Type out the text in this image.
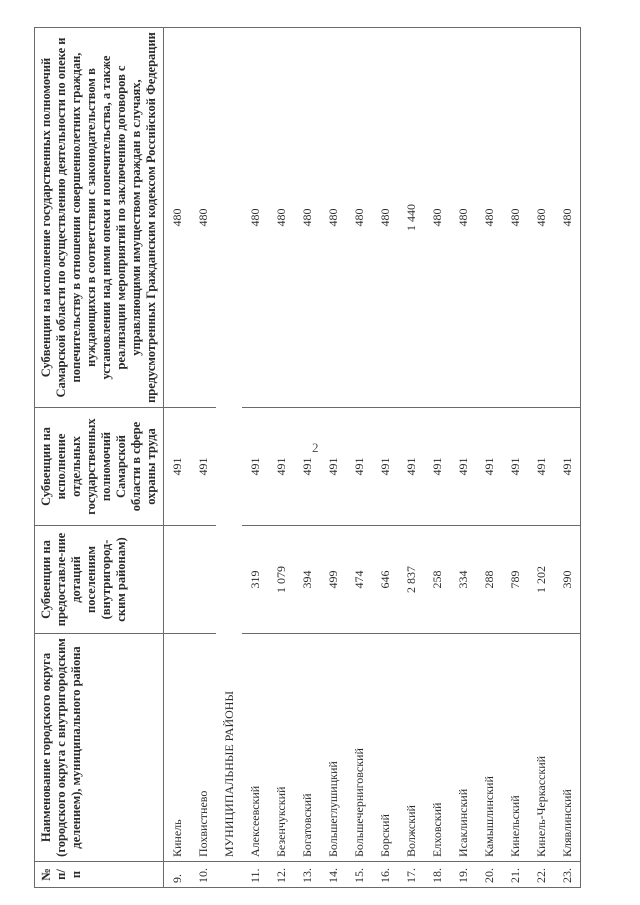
2
№ п/п	Наименование городского округа (городского округа с внутригородским делением), муниципального района	Субвенции на предоставле-ние дотаций поселениям (внутригород-ским районам)	Субвенции на исполнение отдельных государственных полномочий Самарской области в сфере охраны труда	Субвенции на исполнение государственных полномочий Самарской области по осуществлению деятельности по опеке и попечительству в отношении совершеннолетних граждан, нуждающихся в соответствии с законодательством в установлении над ними опеки и попечительства, а также реализации мероприятий по заключению договоров с управляющими имуществом граждан в случаях, предусмотренных Гражданским кодексом Российской Федерации
9.	Кинель		491	480
10.	Похвистнево		491	480
	МУНИЦИПАЛЬНЫЕ РАЙОНЫ			
11.	Алексеевский	319	491	480
12.	Безенчукский	1 079	491	480
13.	Богатовский	394	491	480
14.	Большеглушицкий	499	491	480
15.	Большечерниговский	474	491	480
16.	Борский	646	491	480
17.	Волжский	2 837	491	1 440
18.	Елховский	258	491	480
19.	Исаклинский	334	491	480
20.	Камышлинский	288	491	480
21.	Кинельский	789	491	480
22.	Кинель-Черкасский	1 202	491	480
23.	Клявлинский	390	491	480
